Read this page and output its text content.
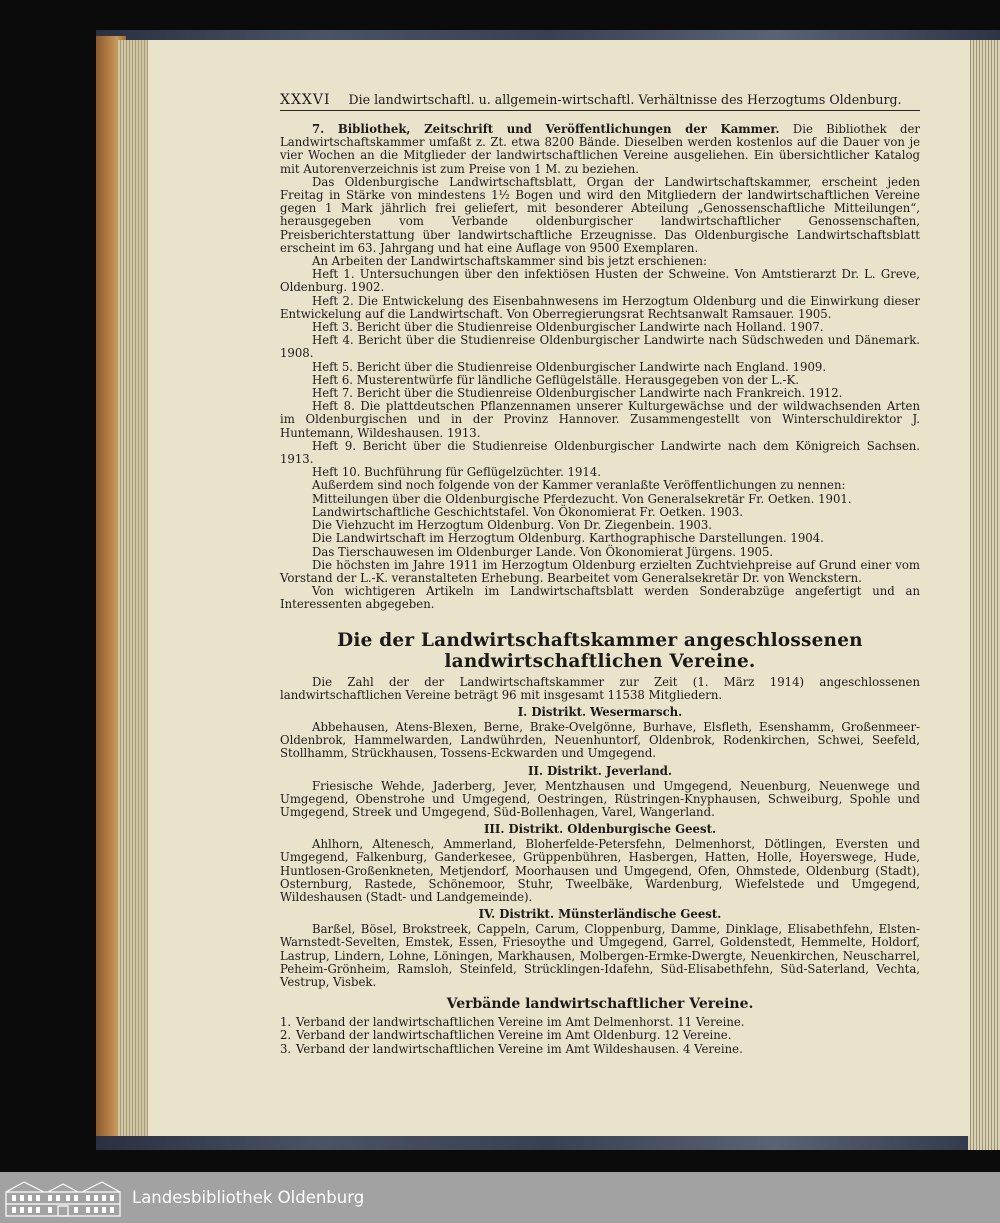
XXXVI Die landwirtschaftl. u. allgemein-wirtschaftl. Verhältnisse des Herzogtums Oldenburg.

7. Bibliothek, Zeitschrift und Veröffentlichungen der Kammer. Die Bibliothek der Landwirtschaftskammer umfaßt z. Zt. etwa 8200 Bände. Dieselben werden kostenlos auf die Dauer von je vier Wochen an die Mitglieder der landwirtschaftlichen Vereine ausgeliehen. Ein übersichtlicher Katalog mit Autorenverzeichnis ist zum Preise von 1 M. zu beziehen.

Das Oldenburgische Landwirtschaftsblatt, Organ der Landwirtschaftskammer, erscheint jeden Freitag in Stärke von mindestens 1½ Bogen und wird den Mitgliedern der landwirtschaftlichen Vereine gegen 1 Mark jährlich frei geliefert, mit besonderer Abteilung „Genossenschaftliche Mitteilungen“, herausgegeben vom Verbande oldenburgischer landwirtschaftlicher Genossenschaften, Preisberichterstattung über landwirtschaftliche Erzeugnisse. Das Oldenburgische Landwirtschaftsblatt erscheint im 63. Jahrgang und hat eine Auflage von 9500 Exemplaren.

An Arbeiten der Landwirtschaftskammer sind bis jetzt erschienen:

Heft 1. Untersuchungen über den infektiösen Husten der Schweine. Von Amtstierarzt Dr. L. Greve, Oldenburg. 1902.

Heft 2. Die Entwickelung des Eisenbahnwesens im Herzogtum Oldenburg und die Einwirkung dieser Entwickelung auf die Landwirtschaft. Von Oberregierungsrat Rechtsanwalt Ramsauer. 1905.

Heft 3. Bericht über die Studienreise Oldenburgischer Landwirte nach Holland. 1907.

Heft 4. Bericht über die Studienreise Oldenburgischer Landwirte nach Südschweden und Dänemark. 1908.

Heft 5. Bericht über die Studienreise Oldenburgischer Landwirte nach England. 1909.

Heft 6. Musterentwürfe für ländliche Geflügelställe. Herausgegeben von der L.-K.

Heft 7. Bericht über die Studienreise Oldenburgischer Landwirte nach Frankreich. 1912.

Heft 8. Die plattdeutschen Pflanzennamen unserer Kulturgewächse und der wildwachsenden Arten im Oldenburgischen und in der Provinz Hannover. Zusammengestellt von Winterschuldirektor J. Huntemann, Wildeshausen. 1913.

Heft 9. Bericht über die Studienreise Oldenburgischer Landwirte nach dem Königreich Sachsen. 1913.

Heft 10. Buchführung für Geflügelzüchter. 1914.

Außerdem sind noch folgende von der Kammer veranlaßte Veröffentlichungen zu nennen:

Mitteilungen über die Oldenburgische Pferdezucht. Von Generalsekretär Fr. Oetken. 1901.

Landwirtschaftliche Geschichtstafel. Von Ökonomierat Fr. Oetken. 1903.

Die Viehzucht im Herzogtum Oldenburg. Von Dr. Ziegenbein. 1903.

Die Landwirtschaft im Herzogtum Oldenburg. Karthographische Darstellungen. 1904.

Das Tierschauwesen im Oldenburger Lande. Von Ökonomierat Jürgens. 1905.

Die höchsten im Jahre 1911 im Herzogtum Oldenburg erzielten Zuchtviehpreise auf Grund einer vom Vorstand der L.-K. veranstalteten Erhebung. Bearbeitet vom Generalsekretär Dr. von Wenckstern.

Von wichtigeren Artikeln im Landwirtschaftsblatt werden Sonderabzüge angefertigt und an Interessenten abgegeben.

Die der Landwirtschaftskammer angeschlossenen landwirtschaftlichen Vereine.

Die Zahl der der Landwirtschaftskammer zur Zeit (1. März 1914) angeschlossenen landwirtschaftlichen Vereine beträgt 96 mit insgesamt 11538 Mitgliedern.

I. Distrikt. Wesermarsch.

Abbehausen, Atens-Blexen, Berne, Brake-Ovelgönne, Burhave, Elsfleth, Esenshamm, Großenmeer-Oldenbrok, Hammelwarden, Landwührden, Neuenhuntorf, Oldenbrok, Rodenkirchen, Schwei, Seefeld, Stollhamm, Strückhausen, Tossens-Eckwarden und Umgegend.

II. Distrikt. Jeverland.

Friesische Wehde, Jaderberg, Jever, Mentzhausen und Umgegend, Neuenburg, Neuenwege und Umgegend, Obenstrohe und Umgegend, Oestringen, Rüstringen-Knyphausen, Schweiburg, Spohle und Umgegend, Streek und Umgegend, Süd-Bollenhagen, Varel, Wangerland.

III. Distrikt. Oldenburgische Geest.

Ahlhorn, Altenesch, Ammerland, Bloherfelde-Petersfehn, Delmenhorst, Dötlingen, Eversten und Umgegend, Falkenburg, Ganderkesee, Grüppenbühren, Hasbergen, Hatten, Holle, Hoyerswege, Hude, Huntlosen-Großenkneten, Metjendorf, Moorhausen und Umgegend, Ofen, Ohmstede, Oldenburg (Stadt), Osternburg, Rastede, Schönemoor, Stuhr, Tweelbäke, Wardenburg, Wiefelstede und Umgegend, Wildeshausen (Stadt- und Landgemeinde).

IV. Distrikt. Münsterländische Geest.

Barßel, Bösel, Brokstreek, Cappeln, Carum, Cloppenburg, Damme, Dinklage, Elisabethfehn, Elsten-Warnstedt-Sevelten, Emstek, Essen, Friesoythe und Umgegend, Garrel, Goldenstedt, Hemmelte, Holdorf, Lastrup, Lindern, Lohne, Löningen, Markhausen, Molbergen-Ermke-Dwergte, Neuenkirchen, Neuscharrel, Peheim-Grönheim, Ramsloh, Steinfeld, Strücklingen-Idafehn, Süd-Elisabethfehn, Süd-Saterland, Vechta, Vestrup, Visbek.

Verbände landwirtschaftlicher Vereine.

1. Verband der landwirtschaftlichen Vereine im Amt Delmenhorst. 11 Vereine.

2. Verband der landwirtschaftlichen Vereine im Amt Oldenburg. 12 Vereine.

3. Verband der landwirtschaftlichen Vereine im Amt Wildeshausen. 4 Vereine.

Landesbibliothek Oldenburg
